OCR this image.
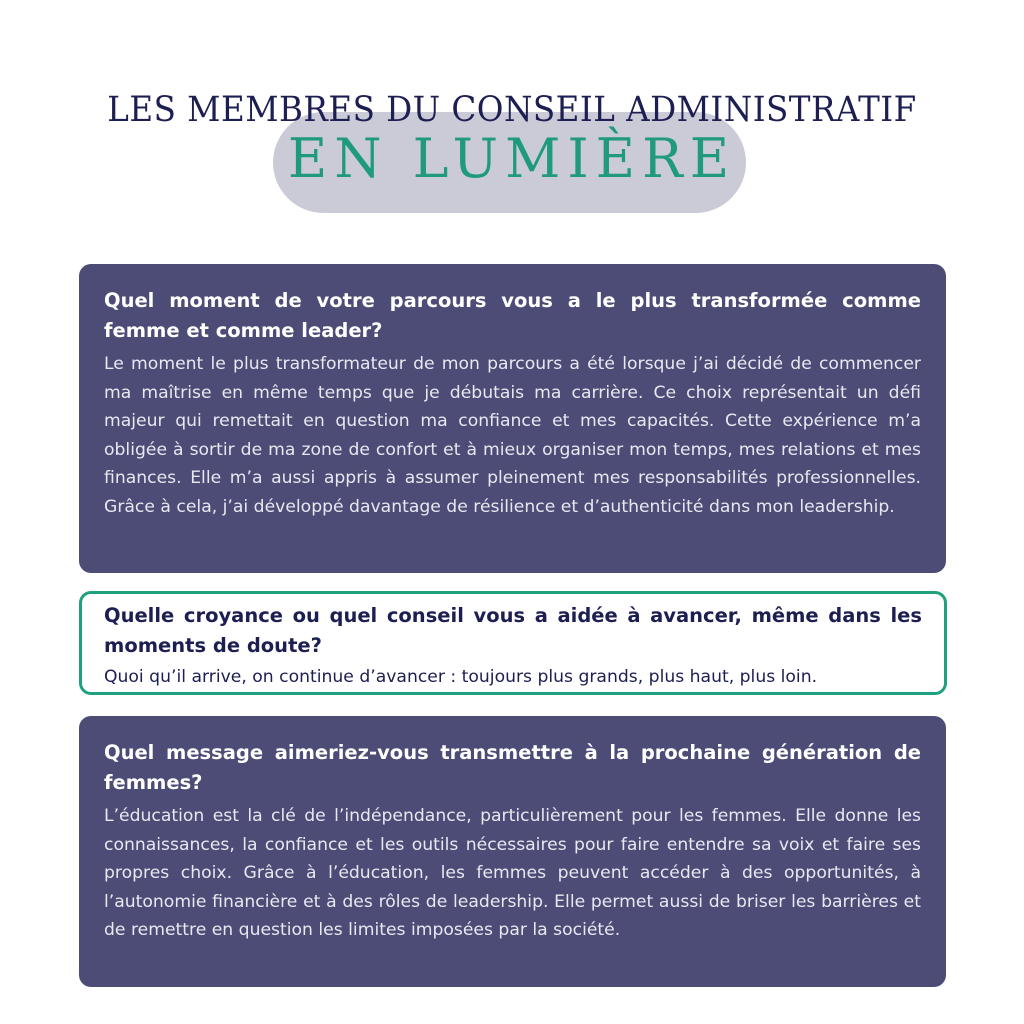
LES MEMBRES DU CONSEIL ADMINISTRATIF
EN LUMIÈRE

Quel moment de votre parcours vous a le plus transformée comme femme et comme leader?

Le moment le plus transformateur de mon parcours a été lorsque j’ai décidé de commencer ma maîtrise en même temps que je débutais ma carrière. Ce choix représentait un défi majeur qui remettait en question ma confiance et mes capacités. Cette expérience m’a obligée à sortir de ma zone de confort et à mieux organiser mon temps, mes relations et mes finances. Elle m’a aussi appris à assumer pleinement mes responsabilités professionnelles. Grâce à cela, j’ai développé davantage de résilience et d’authenticité dans mon leadership.

Quelle croyance ou quel conseil vous a aidée à avancer, même dans les moments de doute?

Quoi qu’il arrive, on continue d’avancer : toujours plus grands, plus haut, plus loin.

Quel message aimeriez-vous transmettre à la prochaine génération de femmes?

L’éducation est la clé de l’indépendance, particulièrement pour les femmes. Elle donne les connaissances, la confiance et les outils nécessaires pour faire entendre sa voix et faire ses propres choix. Grâce à l’éducation, les femmes peuvent accéder à des opportunités, à l’autonomie financière et à des rôles de leadership. Elle permet aussi de briser les barrières et de remettre en question les limites imposées par la société.
